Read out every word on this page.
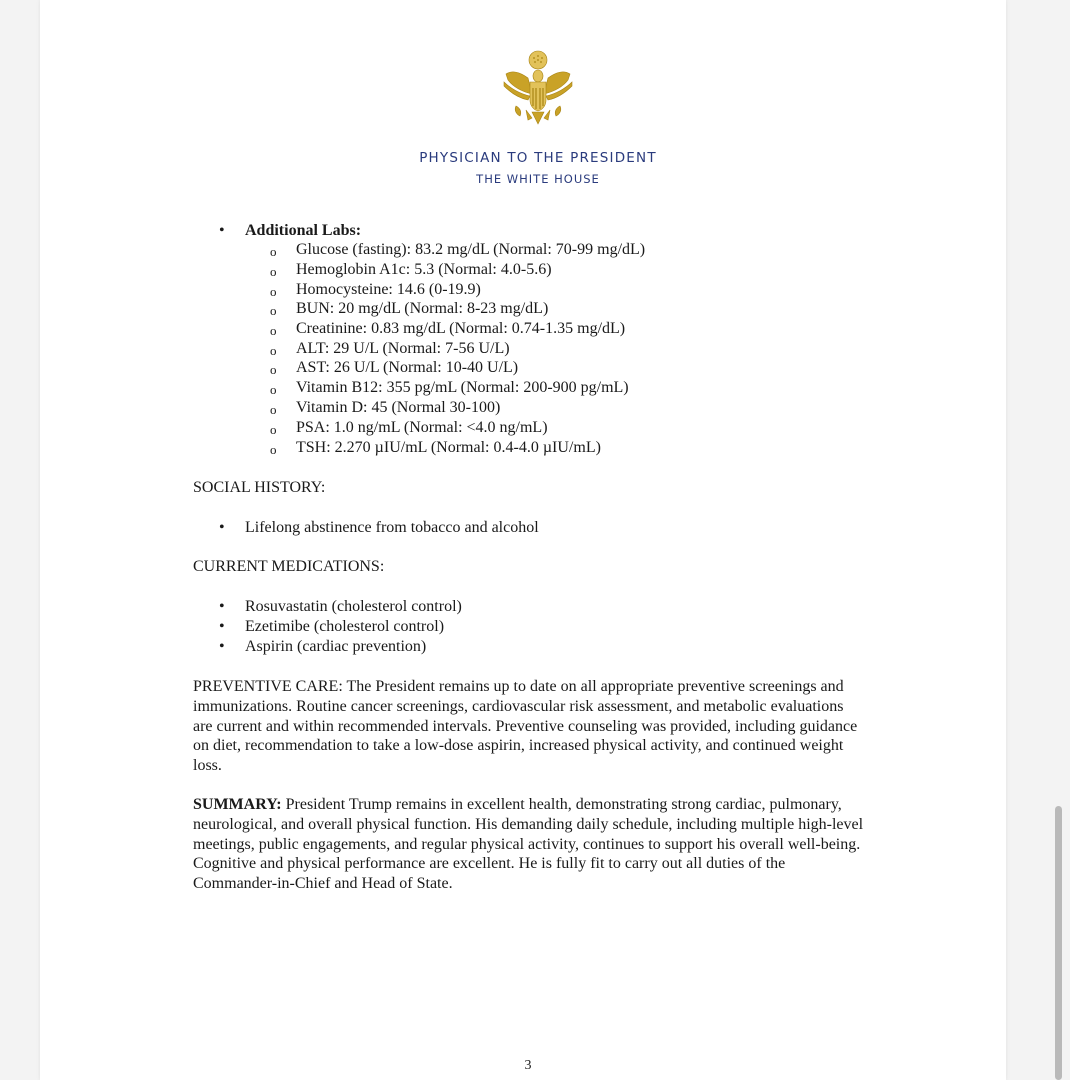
PHYSICIAN TO THE PRESIDENT
THE WHITE HOUSE
• Additional Labs:
o Glucose (fasting): 83.2 mg/dL (Normal: 70-99 mg/dL)
o Hemoglobin A1c: 5.3 (Normal: 4.0-5.6)
o Homocysteine: 14.6 (0-19.9)
o BUN: 20 mg/dL (Normal: 8-23 mg/dL)
o Creatinine: 0.83 mg/dL (Normal: 0.74-1.35 mg/dL)
o ALT: 29 U/L (Normal: 7-56 U/L)
o AST: 26 U/L (Normal: 10-40 U/L)
o Vitamin B12: 355 pg/mL (Normal: 200-900 pg/mL)
o Vitamin D: 45 (Normal 30-100)
o PSA: 1.0 ng/mL (Normal: <4.0 ng/mL)
o TSH: 2.270 µIU/mL (Normal: 0.4-4.0 µIU/mL)
SOCIAL HISTORY:
• Lifelong abstinence from tobacco and alcohol
CURRENT MEDICATIONS:
• Rosuvastatin (cholesterol control)
• Ezetimibe (cholesterol control)
• Aspirin (cardiac prevention)
PREVENTIVE CARE: The President remains up to date on all appropriate preventive screenings and immunizations. Routine cancer screenings, cardiovascular risk assessment, and metabolic evaluations are current and within recommended intervals. Preventive counseling was provided, including guidance on diet, recommendation to take a low-dose aspirin, increased physical activity, and continued weight loss.
SUMMARY: President Trump remains in excellent health, demonstrating strong cardiac, pulmonary, neurological, and overall physical function. His demanding daily schedule, including multiple high-level meetings, public engagements, and regular physical activity, continues to support his overall well-being. Cognitive and physical performance are excellent. He is fully fit to carry out all duties of the Commander-in-Chief and Head of State.
3
